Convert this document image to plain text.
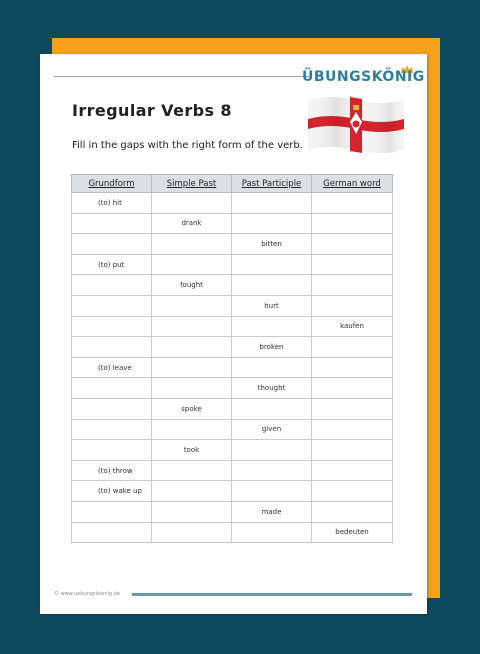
ÜBUNGSKÖNIG
Irregular Verbs 8
Fill in the gaps with the right form of the verb.
Grundform	Simple Past	Past Participle	German word
(to) hit			
	drank		
		bitten	
(to) put			
	fought		
		hurt	
			kaufen
		broken	
(to) leave			
		thought	
	spoke		
		given	
	took		
(to) throw			
(to) wake up			
		made	
			bedeuten
© www.uebungskoenig.de
